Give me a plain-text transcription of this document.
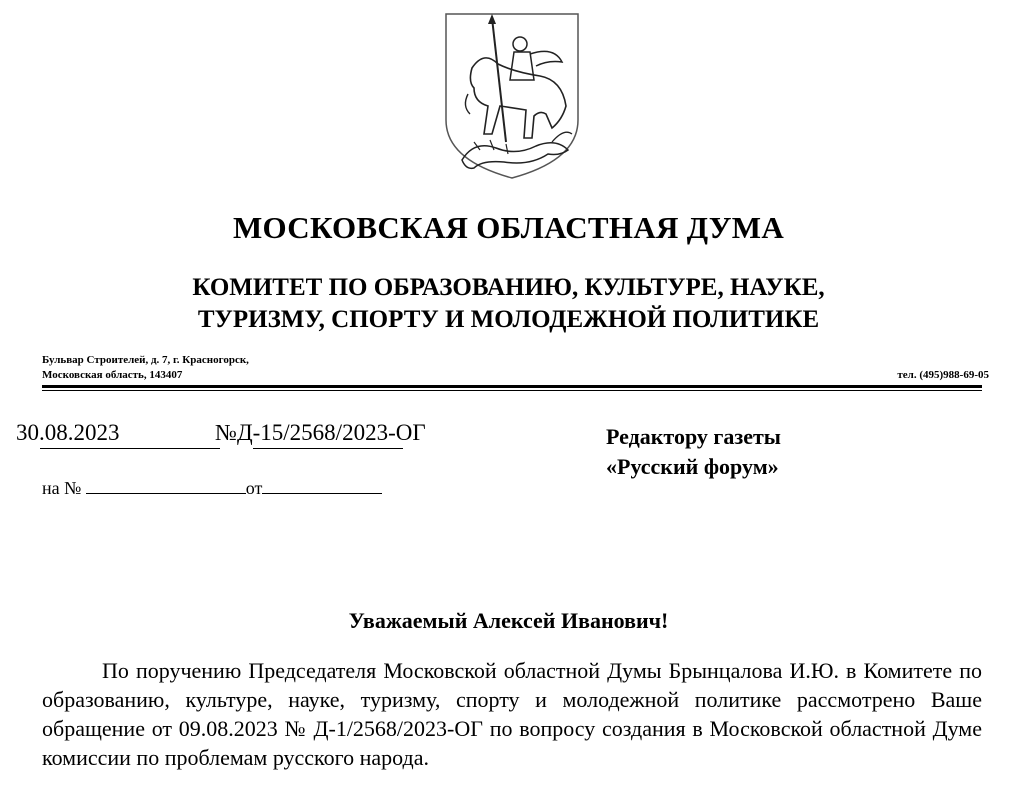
МОСКОВСКАЯ ОБЛАСТНАЯ ДУМА
КОМИТЕТ ПО ОБРАЗОВАНИЮ, КУЛЬТУРЕ, НАУКЕ,
ТУРИЗМУ, СПОРТУ И МОЛОДЕЖНОЙ ПОЛИТИКЕ
Бульвар Строителей, д. 7, г. Красногорск,
Московская область, 143407	тел. (495)988-69-05
30.08.2023	№Д-15/2568/2023-ОГ
на №	от
Редактору газеты
«Русский форум»
Уважаемый Алексей Иванович!
По поручению Председателя Московской областной Думы Брынцалова И.Ю. в Комитете по образованию, культуре, науке, туризму, спорту и молодежной политике рассмотрено Ваше обращение от 09.08.2023 № Д-1/2568/2023-ОГ по вопросу создания в Московской областной Думе комиссии по проблемам русского народа.
